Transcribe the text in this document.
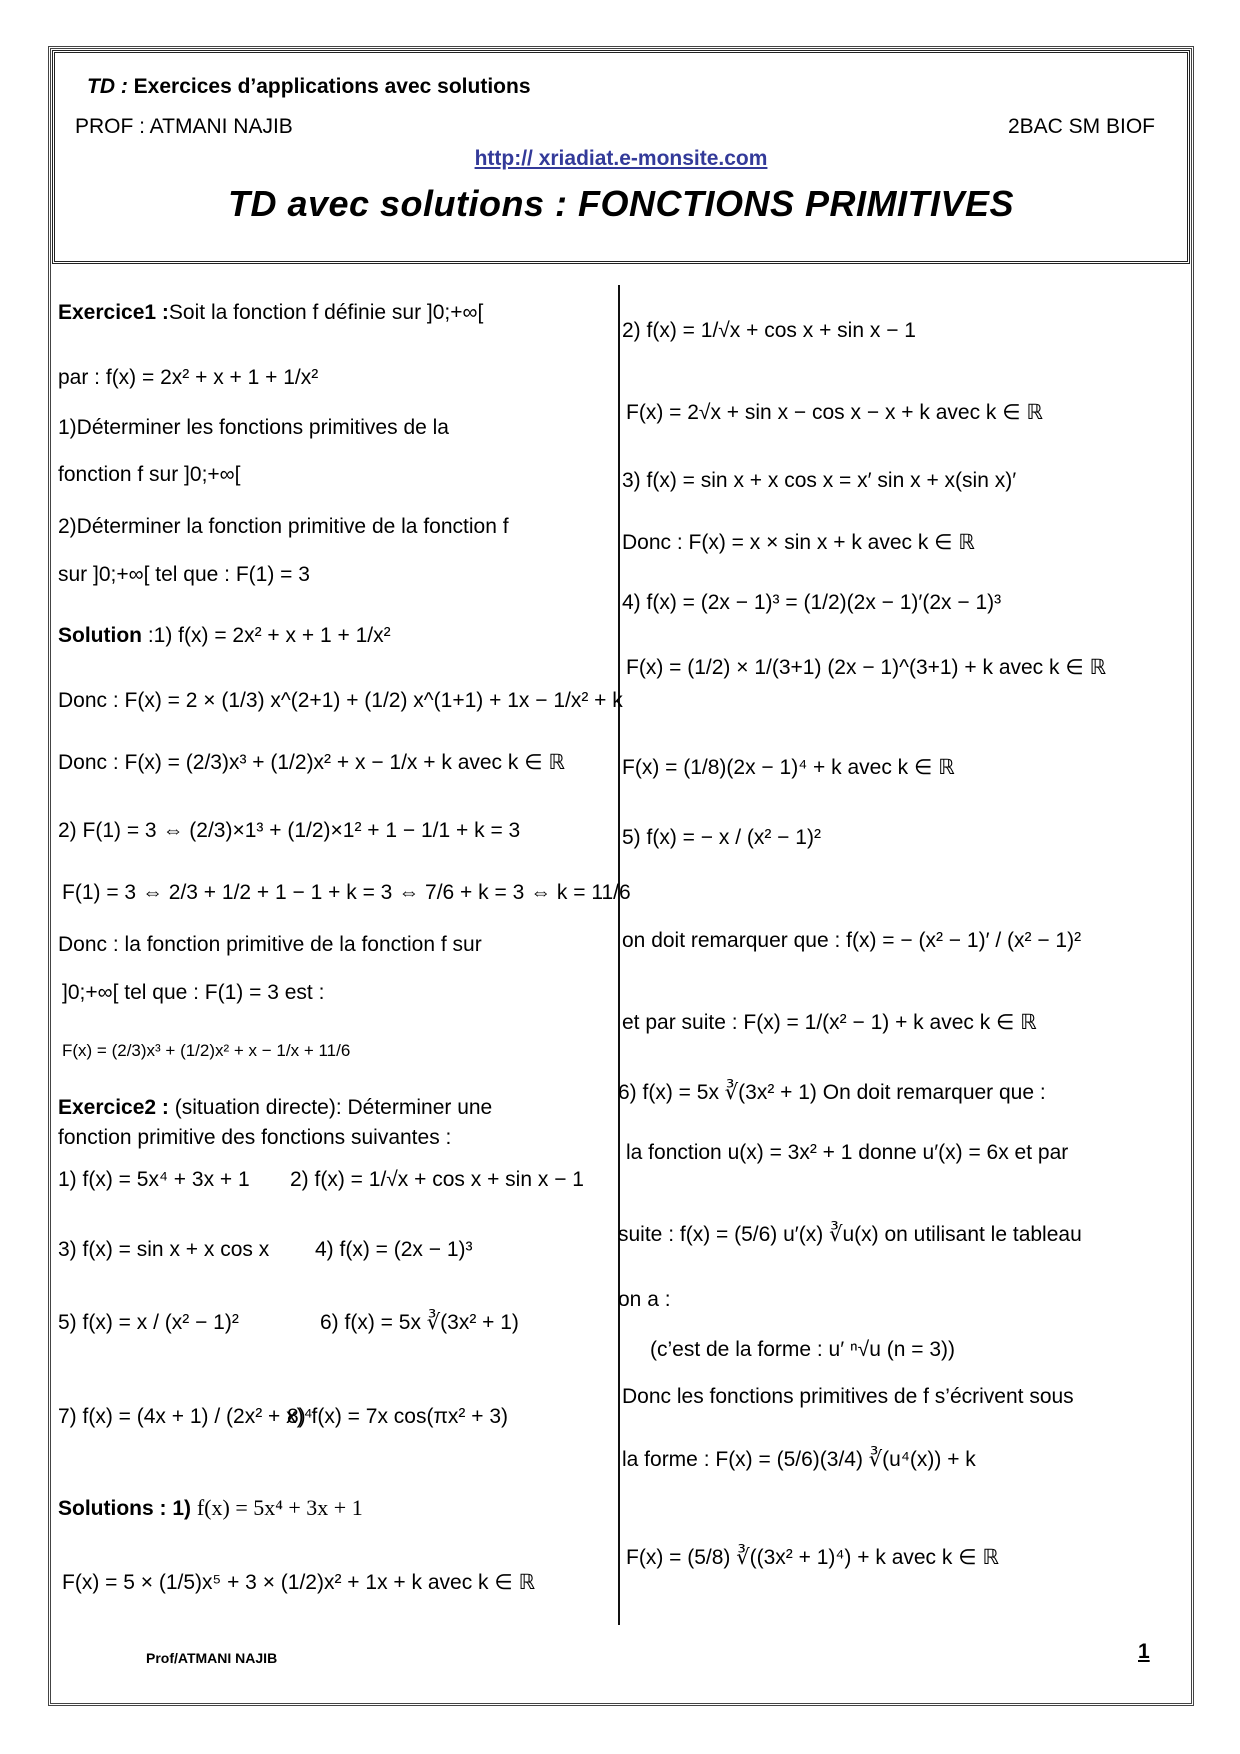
TD : Exercices d’applications avec solutions
PROF : ATMANI NAJIB	2BAC SM BIOF
http:// xriadiat.e-monsite.com
TD avec solutions : FONCTIONS PRIMITIVES
Exercice1 :Soit la fonction f définie sur ]0;+∞[
par : f(x) = 2x² + x + 1 + 1/x²
1)Déterminer les fonctions primitives de la
fonction f sur ]0;+∞[
2)Déterminer la fonction primitive de la fonction f
sur ]0;+∞[ tel que : F(1) = 3
Solution :1) f(x) = 2x² + x + 1 + 1/x²
Donc : F(x) = 2 × (1/3) x^(2+1) + (1/2) x^(1+1) + 1x − 1/x² + k
Donc : F(x) = (2/3)x³ + (1/2)x² + x − 1/x + k avec k ∈ ℝ
2) F(1) = 3 ⇔ (2/3)×1³ + (1/2)×1² + 1 − 1/1 + k = 3
F(1) = 3 ⇔ 2/3 + 1/2 + 1 − 1 + k = 3 ⇔ 7/6 + k = 3 ⇔ k = 11/6
Donc : la fonction primitive de la fonction f sur
]0;+∞[ tel que : F(1) = 3 est :
F(x) = (2/3)x³ + (1/2)x² + x − 1/x + 11/6
Exercice2 : (situation directe): Déterminer une
fonction primitive des fonctions suivantes :
1) f(x) = 5x⁴ + 3x + 1 2) f(x) = 1/√x + cos x + sin x − 1
3) f(x) = sin x + x cos x 4) f(x) = (2x − 1)³
5) f(x) = x / (x² − 1)²	6) f(x) = 5x ∛(3x² + 1)
7) f(x) = (4x + 1) / (2x² + x)⁴
8) f(x) = 7x cos(πx² + 3)
Solutions : 1) f(x) = 5x⁴ + 3x + 1
F(x) = 5 × (1/5)x⁵ + 3 × (1/2)x² + 1x + k avec k ∈ ℝ
2) f(x) = 1/√x + cos x + sin x − 1
F(x) = 2√x + sin x − cos x − x + k avec k ∈ ℝ
3) f(x) = sin x + x cos x = x′ sin x + x(sin x)′
Donc : F(x) = x × sin x + k avec k ∈ ℝ
4) f(x) = (2x − 1)³ = (1/2)(2x − 1)′(2x − 1)³
F(x) = (1/2) × 1/(3+1) (2x − 1)^(3+1) + k avec k ∈ ℝ
F(x) = (1/8)(2x − 1)⁴ + k avec k ∈ ℝ
5) f(x) = − x / (x² − 1)²
on doit remarquer que : f(x) = − (x² − 1)′ / (x² − 1)²
et par suite : F(x) = 1/(x² − 1) + k avec k ∈ ℝ
6) f(x) = 5x ∛(3x² + 1) On doit remarquer que :
la fonction u(x) = 3x² + 1 donne u′(x) = 6x et par
suite : f(x) = (5/6) u′(x) ∛u(x) on utilisant le tableau
on a :
(c’est de la forme : u′ ⁿ√u (n = 3))
Donc les fonctions primitives de f s’écrivent sous
la forme : F(x) = (5/6)(3/4) ∛(u⁴(x)) + k
F(x) = (5/8) ∛((3x² + 1)⁴) + k avec k ∈ ℝ
Prof/ATMANI NAJIB	1
